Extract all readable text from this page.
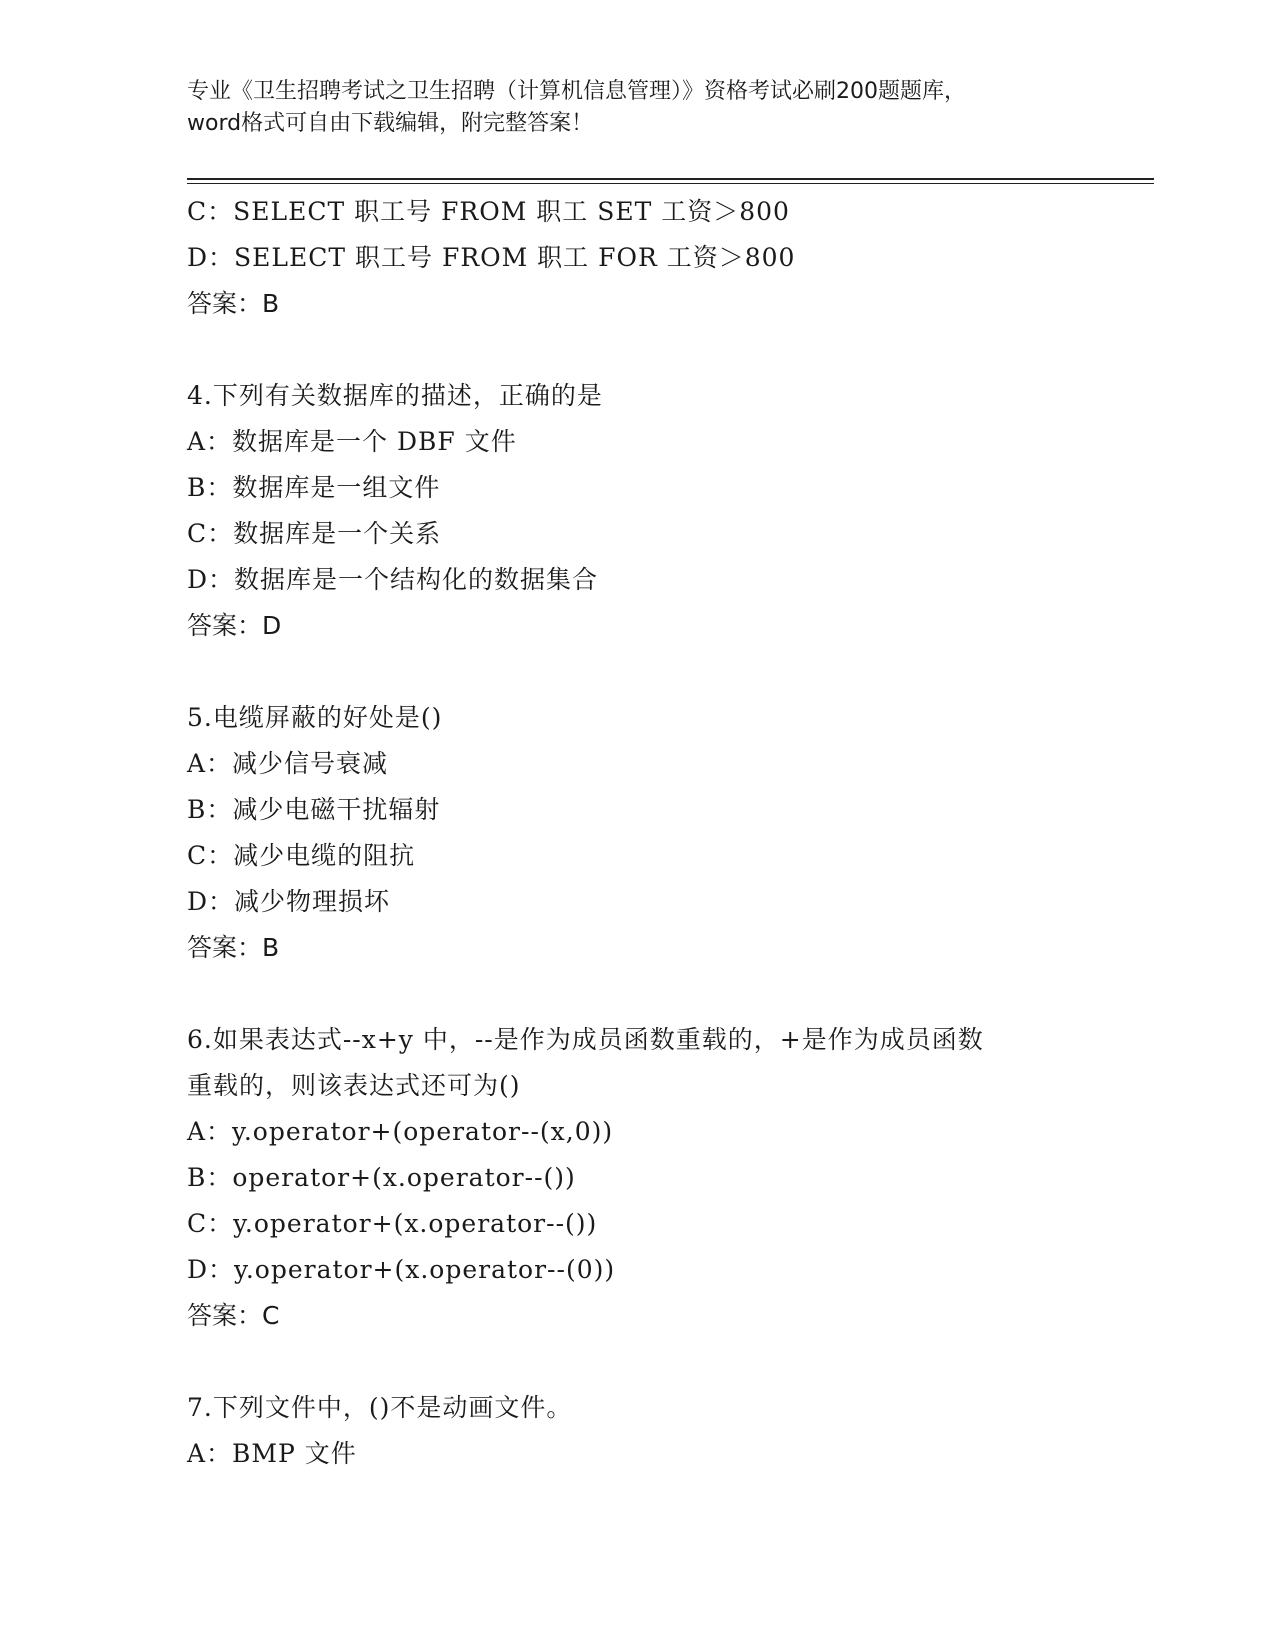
专业《卫生招聘考试之卫生招聘（计算机信息管理）》资格考试必刷200题题库，
word格式可自由下载编辑，附完整答案！
C：SELECT 职工号 FROM 职工 SET 工资＞800
D：SELECT 职工号 FROM 职工 FOR 工资＞800
答案：B
4.下列有关数据库的描述，正确的是
A：数据库是一个 DBF 文件
B：数据库是一组文件
C：数据库是一个关系
D：数据库是一个结构化的数据集合
答案：D
5.电缆屏蔽的好处是()
A：减少信号衰减
B：减少电磁干扰辐射
C：减少电缆的阻抗
D：减少物理损坏
答案：B
6.如果表达式--x+y 中，--是作为成员函数重载的，+是作为成员函数
重载的，则该表达式还可为()
A：y.operator+(operator--(x,0))
B：operator+(x.operator--())
C：y.operator+(x.operator--())
D：y.operator+(x.operator--(0))
答案：C
7.下列文件中，()不是动画文件。
A：BMP 文件
